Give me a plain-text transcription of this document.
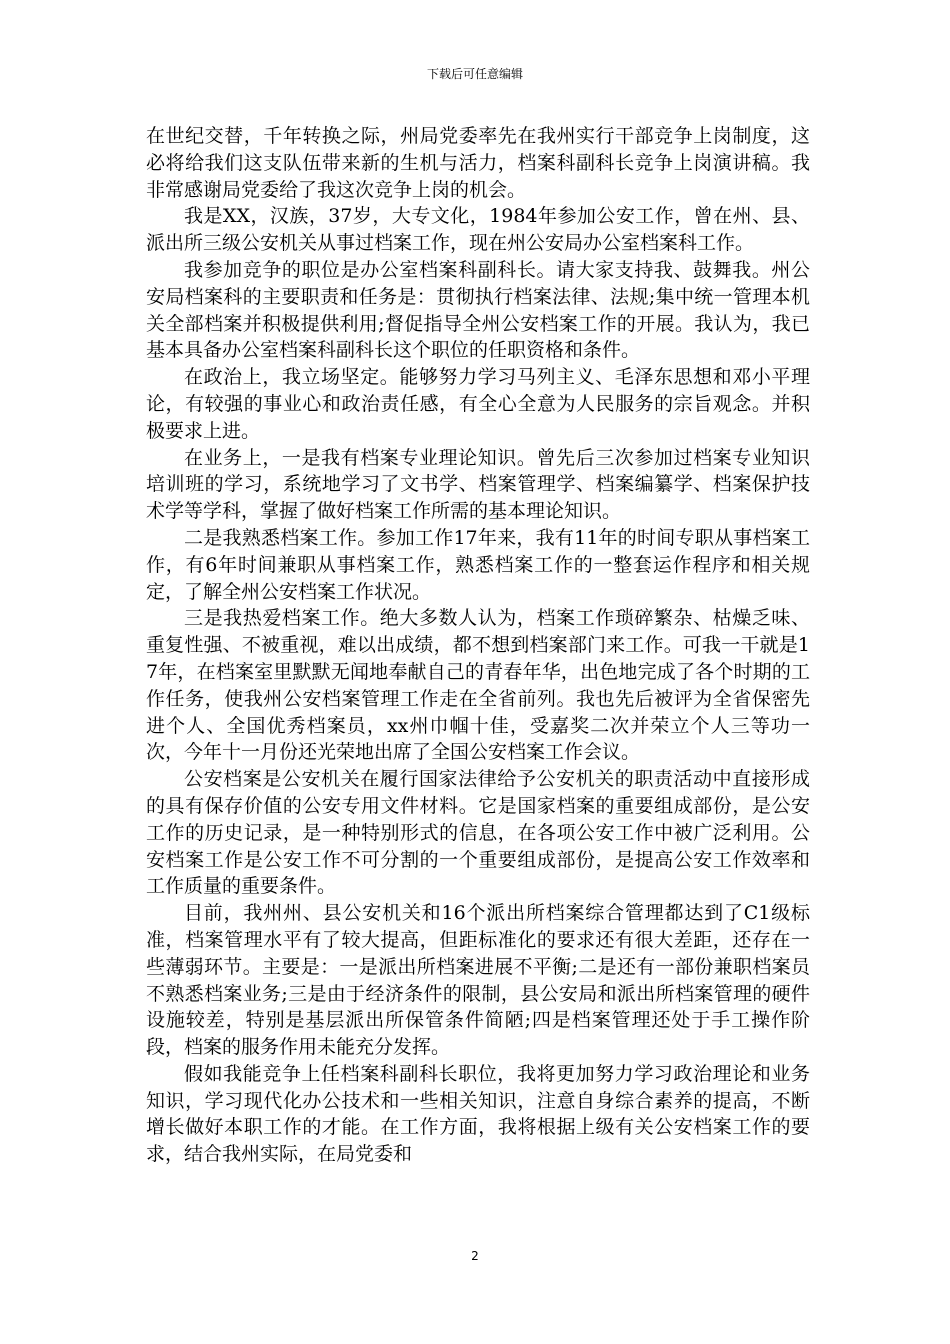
下载后可任意编辑

在世纪交替，千年转换之际，州局党委率先在我州实行干部竞争上岗制度，这必将给我们这支队伍带来新的生机与活力，档案科副科长竞争上岗演讲稿。我非常感谢局党委给了我这次竞争上岗的机会。

我是XX，汉族，37岁，大专文化，1984年参加公安工作，曾在州、县、派出所三级公安机关从事过档案工作，现在州公安局办公室档案科工作。

我参加竞争的职位是办公室档案科副科长。请大家支持我、鼓舞我。州公安局档案科的主要职责和任务是：贯彻执行档案法律、法规;集中统一管理本机关全部档案并积极提供利用;督促指导全州公安档案工作的开展。我认为，我已基本具备办公室档案科副科长这个职位的任职资格和条件。

在政治上，我立场坚定。能够努力学习马列主义、毛泽东思想和邓小平理论，有较强的事业心和政治责任感，有全心全意为人民服务的宗旨观念。并积极要求上进。

在业务上，一是我有档案专业理论知识。曾先后三次参加过档案专业知识培训班的学习，系统地学习了文书学、档案管理学、档案编纂学、档案保护技术学等学科，掌握了做好档案工作所需的基本理论知识。

二是我熟悉档案工作。参加工作17年来，我有11年的时间专职从事档案工作，有6年时间兼职从事档案工作，熟悉档案工作的一整套运作程序和相关规定，了解全州公安档案工作状况。

三是我热爱档案工作。绝大多数人认为，档案工作琐碎繁杂、枯燥乏味、重复性强、不被重视，难以出成绩，都不想到档案部门来工作。可我一干就是17年，在档案室里默默无闻地奉献自己的青春年华，出色地完成了各个时期的工作任务，使我州公安档案管理工作走在全省前列。我也先后被评为全省保密先进个人、全国优秀档案员，xx州巾帼十佳，受嘉奖二次并荣立个人三等功一次，今年十一月份还光荣地出席了全国公安档案工作会议。

公安档案是公安机关在履行国家法律给予公安机关的职责活动中直接形成的具有保存价值的公安专用文件材料。它是国家档案的重要组成部份，是公安工作的历史记录，是一种特别形式的信息，在各项公安工作中被广泛利用。公安档案工作是公安工作不可分割的一个重要组成部份，是提高公安工作效率和工作质量的重要条件。

目前，我州州、县公安机关和16个派出所档案综合管理都达到了C1级标准，档案管理水平有了较大提高，但距标准化的要求还有很大差距，还存在一些薄弱环节。主要是：一是派出所档案进展不平衡;二是还有一部份兼职档案员不熟悉档案业务;三是由于经济条件的限制，县公安局和派出所档案管理的硬件设施较差，特别是基层派出所保管条件简陋;四是档案管理还处于手工操作阶段，档案的服务作用未能充分发挥。

假如我能竞争上任档案科副科长职位，我将更加努力学习政治理论和业务知识，学习现代化办公技术和一些相关知识，注意自身综合素养的提高，不断增长做好本职工作的才能。在工作方面，我将根据上级有关公安档案工作的要求，结合我州实际，在局党委和

2
